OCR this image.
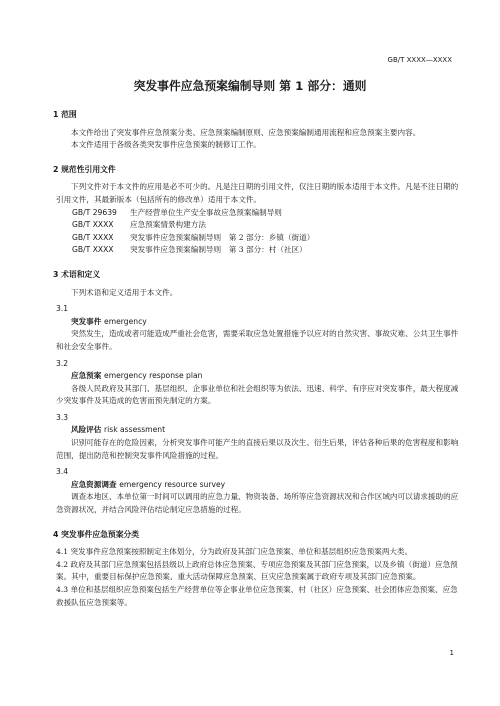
GB/T XXXX—XXXX
突发事件应急预案编制导则 第 1 部分：通则
1 范围

本文件给出了突发事件应急预案分类、应急预案编制原则、应急预案编制通用流程和应急预案主要内容。

本文件适用于各级各类突发事件应急预案的制修订工作。

2 规范性引用文件

下列文件对于本文件的应用是必不可少的。凡是注日期的引用文件，仅注日期的版本适用于本文件。凡是不注日期的引用文件，其最新版本（包括所有的修改单）适用于本文件。

GB/T 29639	生产经营单位生产安全事故应急预案编制导则
GB/T XXXX	应急预案情景构建方法
GB/T XXXX	突发事件应急预案编制导则　第 2 部分：乡镇（街道）
GB/T XXXX	突发事件应急预案编制导则　第 3 部分：村（社区）
3 术语和定义

下列术语和定义适用于本文件。

3.1
突发事件 emergency

突然发生，造成或者可能造成严重社会危害，需要采取应急处置措施予以应对的自然灾害、事故灾难、公共卫生事件和社会安全事件。

3.2
应急预案 emergency response plan

各级人民政府及其部门、基层组织、企事业单位和社会组织等为依法、迅速、科学、有序应对突发事件，最大程度减少突发事件及其造成的危害而预先制定的方案。

3.3
风险评估 risk assessment

识别可能存在的危险因素，分析突发事件可能产生的直接后果以及次生、衍生后果，评估各种后果的危害程度和影响范围，提出防范和控制突发事件风险措施的过程。

3.4
应急资源调查 emergency resource survey

调查本地区、本单位第一时间可以调用的应急力量、物资装备、场所等应急资源状况和合作区域内可以请求援助的应急资源状况，并结合风险评估结论制定应急措施的过程。

4 突发事件应急预案分类

4.1 突发事件应急预案按照制定主体划分，分为政府及其部门应急预案、单位和基层组织应急预案两大类。

4.2 政府及其部门应急预案包括县级以上政府总体应急预案、专项应急预案及其部门应急预案，以及乡镇（街道）应急预案。其中，重要目标保护应急预案、重大活动保障应急预案、巨灾应急预案属于政府专项及其部门应急预案。

4.3 单位和基层组织应急预案包括生产经营单位等企事业单位应急预案、村（社区）应急预案、社会团体应急预案、应急救援队伍应急预案等。

1
